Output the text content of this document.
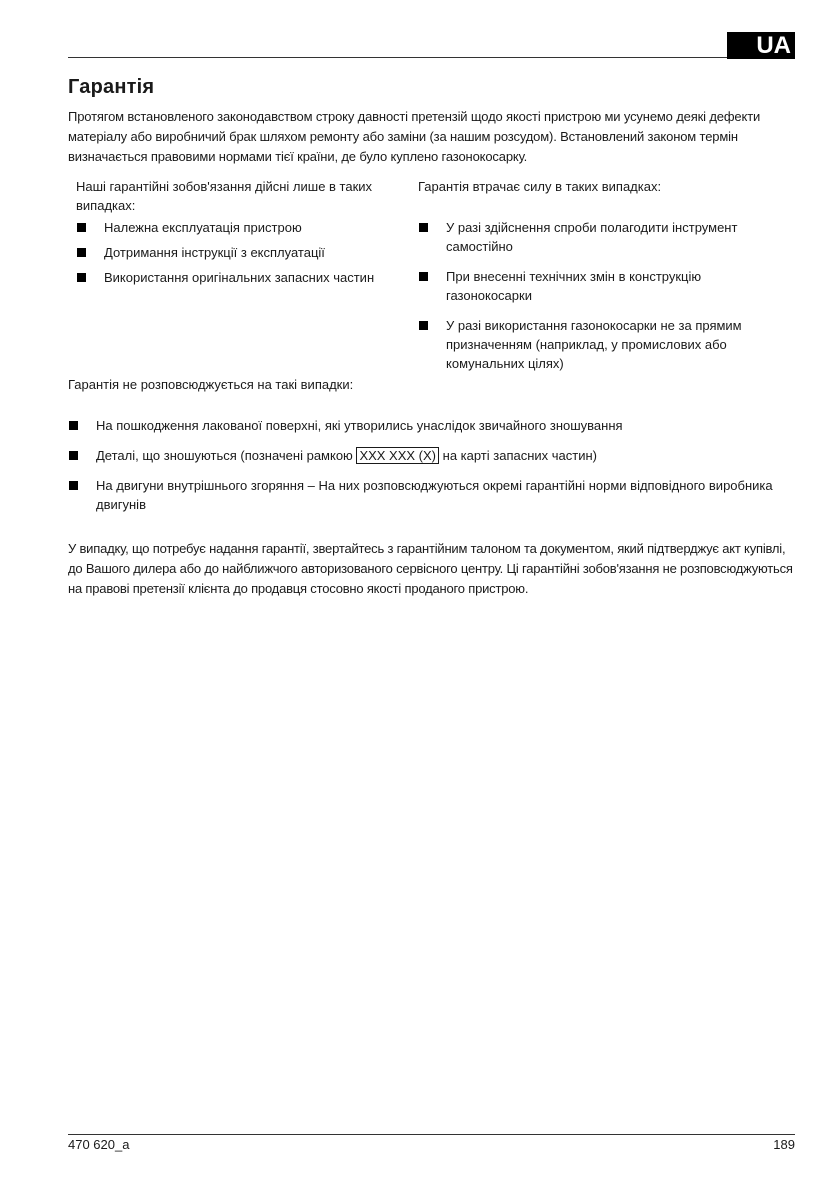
UA
Гарантія

Протягом встановленого законодавством строку давності претензій щодо якості пристрою ми усунемо деякі дефекти матеріалу або виробничий брак шляхом ремонту або заміни (за нашим розсудом). Встановлений законом термін визначається правовими нормами тієї країни, де було куплено газонокосарку.

Наші гарантійні зобов'язання дійсні лише в таких випадках:

Належна експлуатація пристрою
Дотримання інструкції з експлуатації
Використання оригінальних запасних частин

Гарантія втрачає силу в таких випадках:

У разі здійснення спроби полагодити інструмент самостійно
При внесенні технічних змін в конструкцію газонокосарки
У разі використання газонокосарки не за прямим призначенням (наприклад, у промислових або комунальних цілях)

Гарантія не розповсюджується на такі випадки:

На пошкодження лакованої поверхні, які утворились унаслідок звичайного зношування
Деталі, що зношуються (позначені рамкою XXX XXX (X) на карті запасних частин)
На двигуни внутрішнього згоряння – На них розповсюджуються окремі гарантійні норми відповідного виробника двигунів

У випадку, що потребує надання гарантії, звертайтесь з гарантійним талоном та документом, який підтверджує акт купівлі, до Вашого дилера або до найближчого авторизованого сервісного центру. Ці гарантійні зобов'язання не розповсюджуються на правові претензії клієнта до продавця стосовно якості проданого пристрою.

470 620_a	189
